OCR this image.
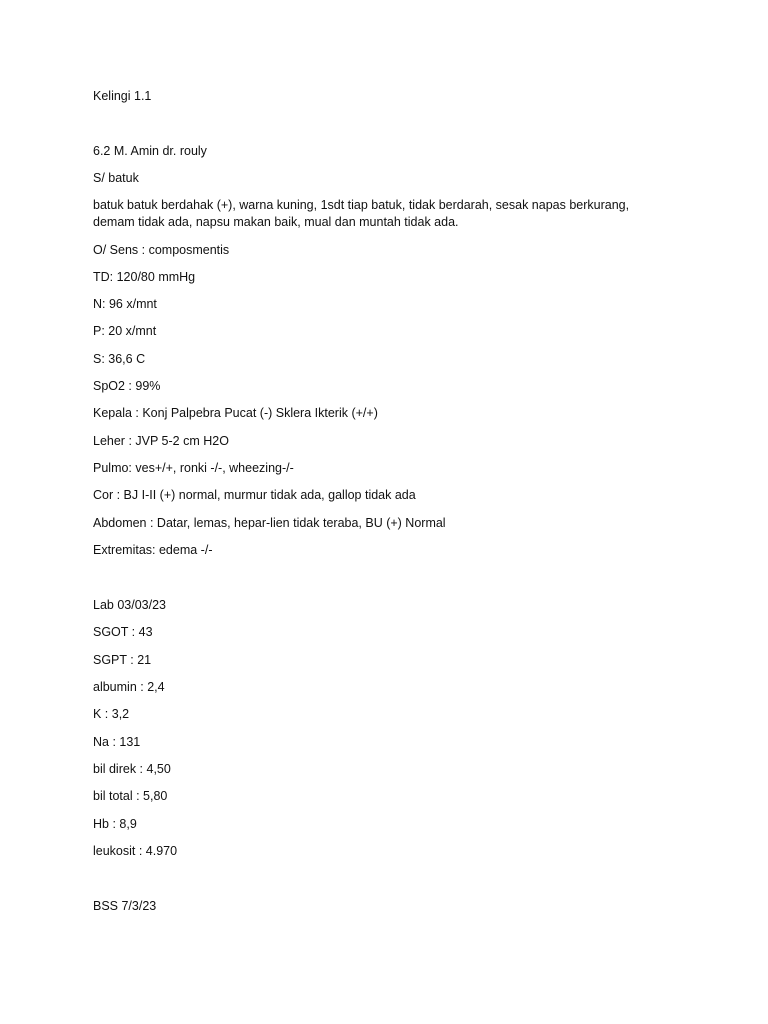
Kelingi 1.1
6.2 M. Amin dr. rouly
S/ batuk
batuk batuk berdahak (+), warna kuning, 1sdt tiap batuk, tidak berdarah, sesak napas berkurang, demam tidak ada, napsu makan baik, mual dan muntah tidak ada.
O/ Sens : composmentis
TD: 120/80 mmHg
N: 96 x/mnt
P: 20 x/mnt
S: 36,6 C
SpO2 : 99%
Kepala : Konj Palpebra Pucat (-) Sklera Ikterik (+/+)
Leher : JVP 5-2 cm H2O
Pulmo: ves+/+, ronki -/-, wheezing-/-
Cor : BJ I-II (+) normal, murmur tidak ada, gallop tidak ada
Abdomen : Datar, lemas, hepar-lien tidak teraba, BU (+) Normal
Extremitas: edema -/-
Lab 03/03/23
SGOT : 43
SGPT : 21
albumin : 2,4
K : 3,2
Na : 131
bil direk : 4,50
bil total : 5,80
Hb : 8,9
leukosit : 4.970
BSS 7/3/23
